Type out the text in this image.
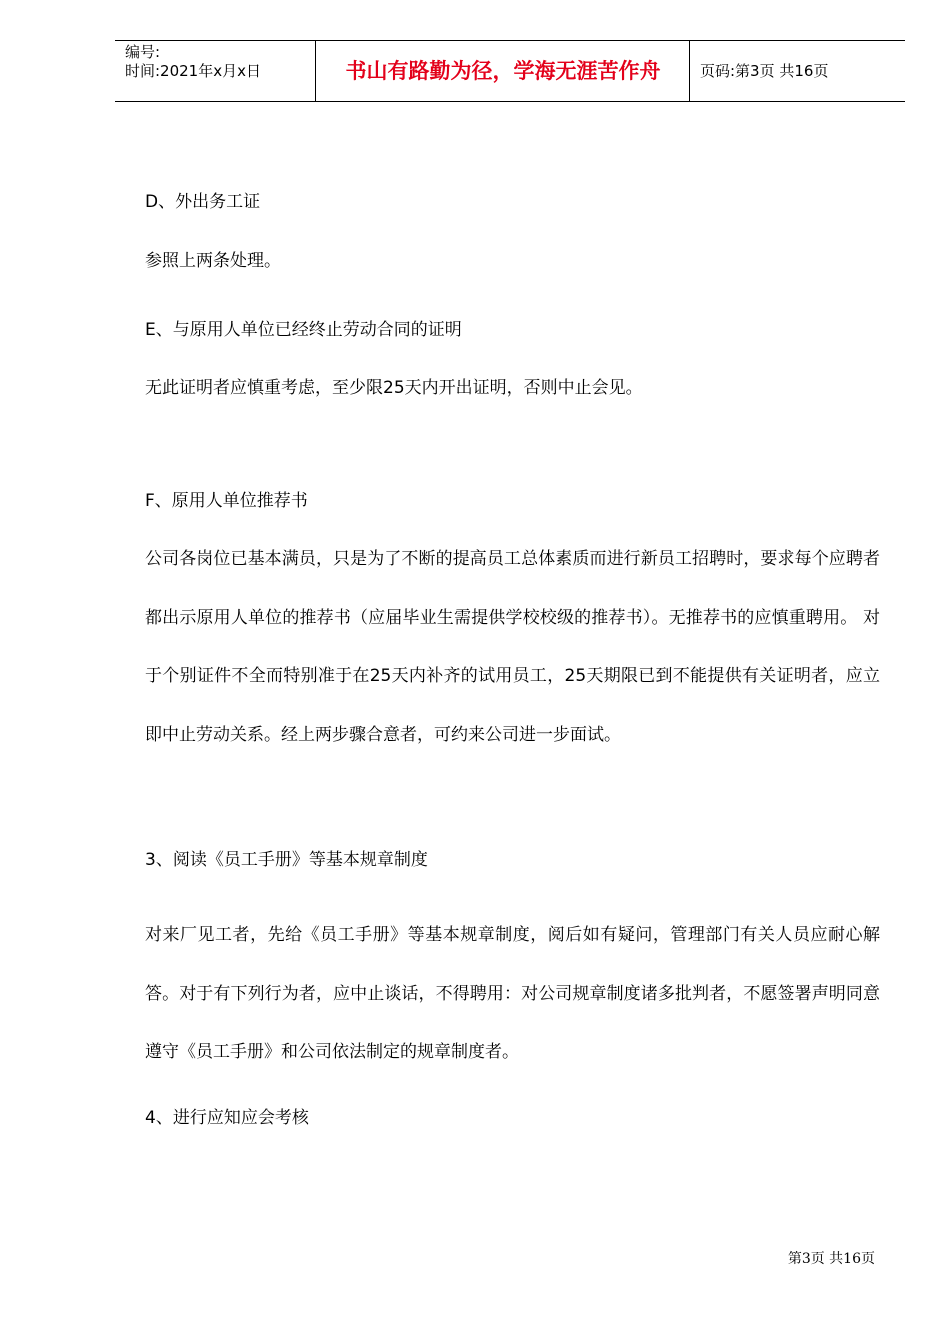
编号:
时间:2021年x月x日	书山有路勤为径，学海无涯苦作舟	页码:第3页 共16页
D、外出务工证
参照上两条处理。
E、与原用人单位已经终止劳动合同的证明
无此证明者应慎重考虑，至少限25天内开出证明，否则中止会见。
F、原用人单位推荐书
公司各岗位已基本满员，只是为了不断的提高员工总体素质而进行新员工招聘时，要求每个应聘者都出示原用人单位的推荐书（应届毕业生需提供学校校级的推荐书）。无推荐书的应慎重聘用。 对于个别证件不全而特别准于在25天内补齐的试用员工，25天期限已到不能提供有关证明者，应立即中止劳动关系。经上两步骤合意者，可约来公司进一步面试。
3、阅读《员工手册》等基本规章制度
对来厂见工者，先给《员工手册》等基本规章制度，阅后如有疑问，管理部门有关人员应耐心解答。对于有下列行为者，应中止谈话，不得聘用：对公司规章制度诸多批判者，不愿签署声明同意遵守《员工手册》和公司依法制定的规章制度者。
4、进行应知应会考核
第3页 共16页
